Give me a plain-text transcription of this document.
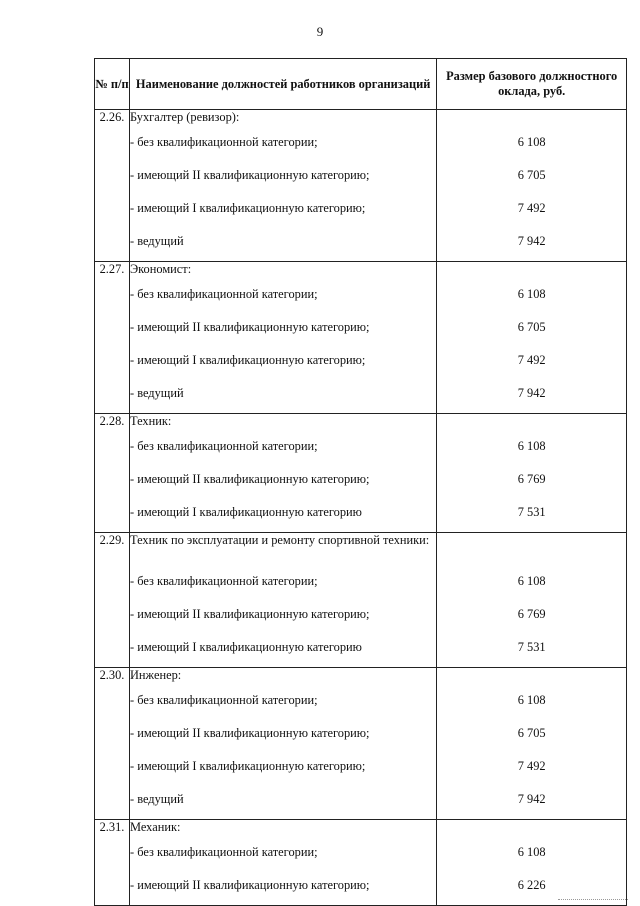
9
№ п/п	Наименование должностей работников организаций	Размер базового должностного оклада, руб.
2.26.	Бухгалтер (ревизор):	
	- без квалификационной категории;	6 108
	- имеющий II квалификационную категорию;	6 705
	- имеющий I квалификационную категорию;	7 492
	- ведущий	7 942
2.27.	Экономист:	
	- без квалификационной категории;	6 108
	- имеющий II квалификационную категорию;	6 705
	- имеющий I квалификационную категорию;	7 492
	- ведущий	7 942
2.28.	Техник:	
	- без квалификационной категории;	6 108
	- имеющий II квалификационную категорию;	6 769
	- имеющий I квалификационную категорию	7 531
2.29.	Техник по эксплуатации и ремонту спортивной техники:	
	- без квалификационной категории;	6 108
	- имеющий II квалификационную категорию;	6 769
	- имеющий I квалификационную категорию	7 531
2.30.	Инженер:	
	- без квалификационной категории;	6 108
	- имеющий II квалификационную категорию;	6 705
	- имеющий I квалификационную категорию;	7 492
	- ведущий	7 942
2.31.	Механик:	
	- без квалификационной категории;	6 108
	- имеющий II квалификационную категорию;	6 226
